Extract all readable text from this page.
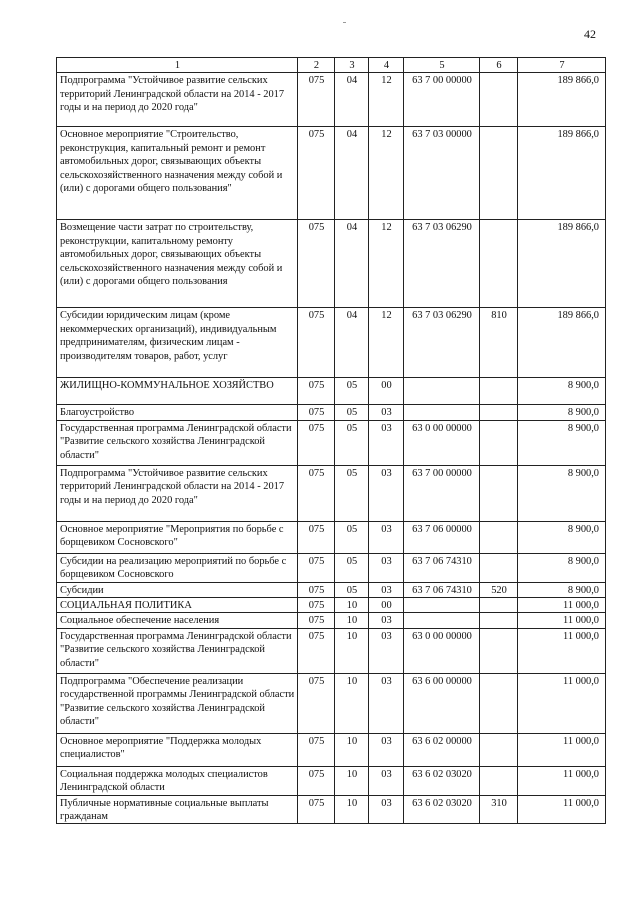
42
1	2	3	4	5	6	7
Подпрограмма "Устойчивое развитие сельских территорий Ленинградской области на 2014 - 2017 годы и на период до 2020 года"	075	04	12	63 7 00 00000		189 866,0
Основное мероприятие "Строительство, реконструкция, капитальный ремонт и ремонт автомобильных дорог, связывающих объекты сельскохозяйственного назначения между собой и (или) с дорогами общего пользования"	075	04	12	63 7 03 00000		189 866,0
Возмещение части затрат по строительству, реконструкции, капитальному ремонту автомобильных дорог, связывающих объекты сельскохозяйственного назначения между собой и (или) с дорогами общего пользования	075	04	12	63 7 03 06290		189 866,0
Субсидии юридическим лицам (кроме некоммерческих организаций), индивидуальным предпринимателям, физическим лицам - производителям товаров, работ, услуг	075	04	12	63 7 03 06290	810	189 866,0
ЖИЛИЩНО-КОММУНАЛЬНОЕ ХОЗЯЙСТВО	075	05	00			8 900,0
Благоустройство	075	05	03			8 900,0
Государственная программа Ленинградской области "Развитие сельского хозяйства Ленинградской области"	075	05	03	63 0 00 00000		8 900,0
Подпрограмма "Устойчивое развитие сельских территорий Ленинградской области на 2014 - 2017 годы и на период до 2020 года"	075	05	03	63 7 00 00000		8 900,0
Основное мероприятие "Мероприятия по борьбе с борщевиком Сосновского"	075	05	03	63 7 06 00000		8 900,0
Субсидии на реализацию мероприятий по борьбе с борщевиком Сосновского	075	05	03	63 7 06 74310		8 900,0
Субсидии	075	05	03	63 7 06 74310	520	8 900,0
СОЦИАЛЬНАЯ ПОЛИТИКА	075	10	00			11 000,0
Социальное обеспечение населения	075	10	03			11 000,0
Государственная программа Ленинградской области "Развитие сельского хозяйства Ленинградской области"	075	10	03	63 0 00 00000		11 000,0
Подпрограмма "Обеспечение реализации государственной программы Ленинградской области "Развитие сельского хозяйства Ленинградской области"	075	10	03	63 6 00 00000		11 000,0
Основное мероприятие "Поддержка молодых специалистов"	075	10	03	63 6 02 00000		11 000,0
Социальная поддержка молодых специалистов Ленинградской области	075	10	03	63 6 02 03020		11 000,0
Публичные нормативные социальные выплаты гражданам	075	10	03	63 6 02 03020	310	11 000,0
